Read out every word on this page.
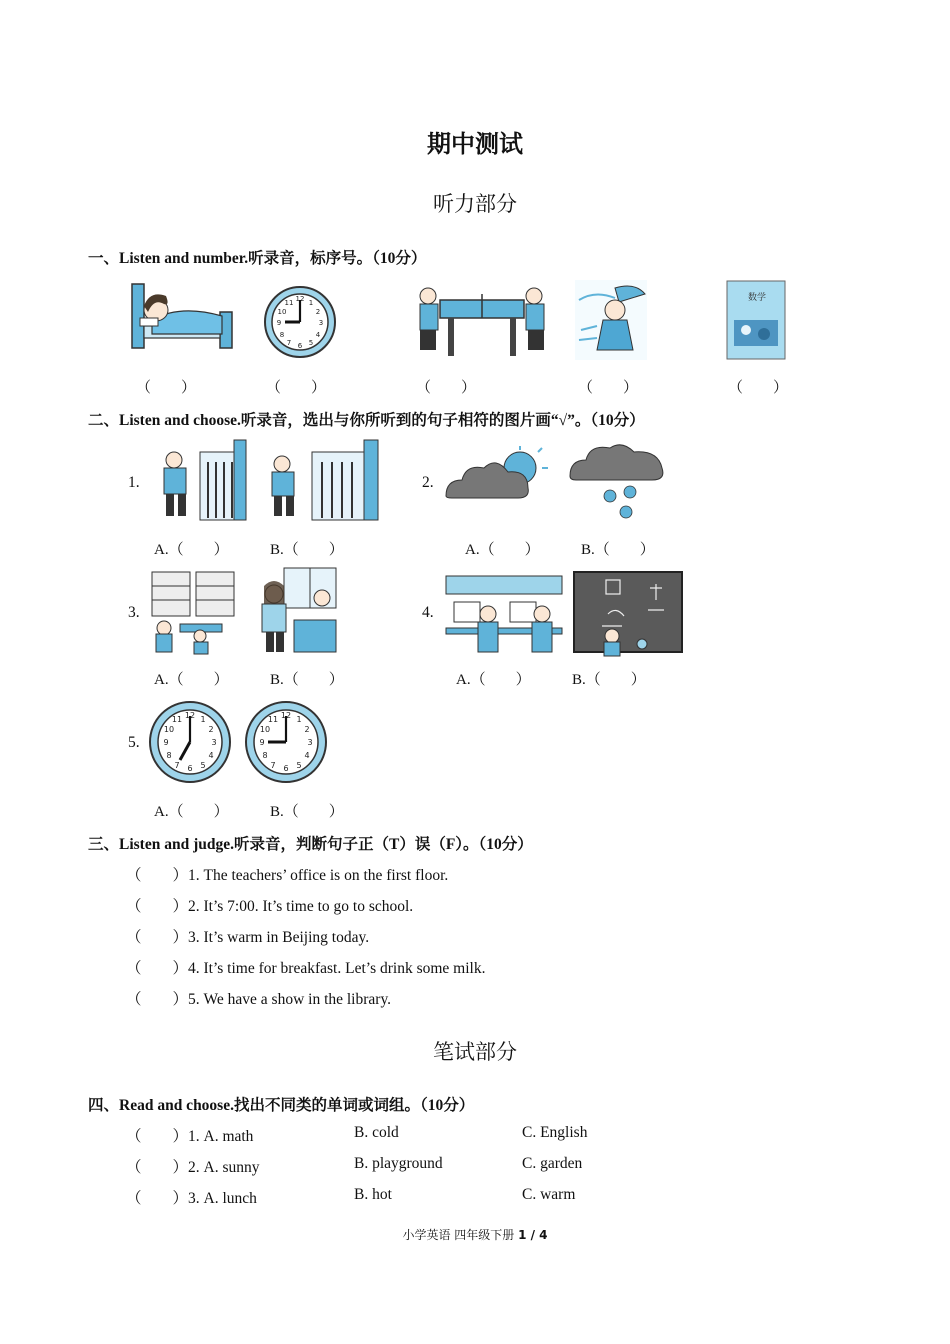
期中测试
听力部分
一、Listen and number.听录音，标序号。（10分）
12
3
6
9
1
2
4
5
7
8
10
11	数学
（　　）	（　　）	（　　）	（　　）	（　　）
二、Listen and choose.听录音，选出与你所听到的句子相符的图片画“√”。（10分）
1.
A.（　　）	B.（　　）
2.
A.（　　）	B.（　　）
3.
A.（　　）	B.（　　）
4.
A.（　　）	B.（　　）
5.
12
3
6
9
1
2
4
5
7
8
10
11	12
3
6
9
1
2
4
5
7
8
10
11
A.（　　）	B.（　　）
三、Listen and judge.听录音，判断句子正（T）误（F）。（10分）
（　　）1. The teachers’ office is on the first floor.
（　　）2. It’s 7:00. It’s time to go to school.
（　　）3. It’s warm in Beijing today.
（　　）4. It’s time for breakfast. Let’s drink some milk.
（　　）5. We have a show in the library.
笔试部分
四、Read and choose.找出不同类的单词或词组。（10分）
（　　）1. A. math	B. cold	C. English
（　　）2. A. sunny	B. playground	C. garden
（　　）3. A. lunch	B. hot	C. warm
小学英语 四年级下册 1 / 4
